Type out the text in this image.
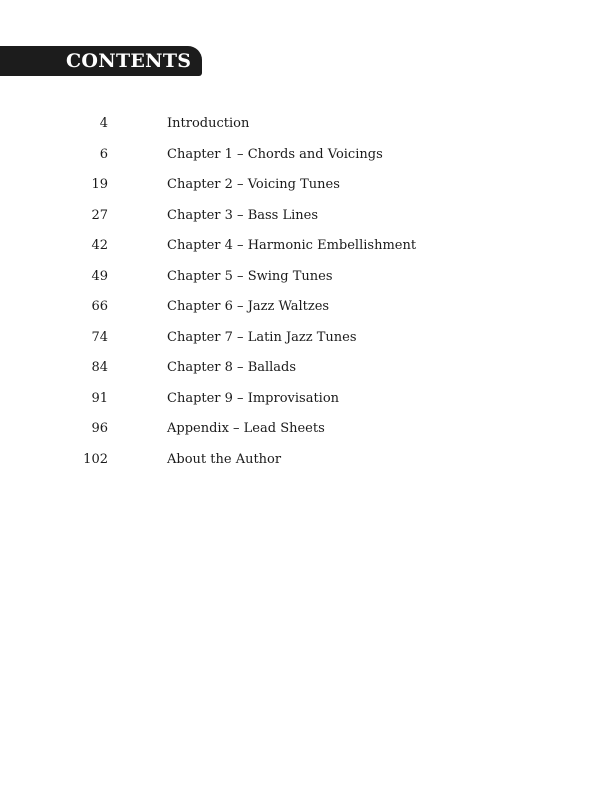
CONTENTS
4	Introduction
6	Chapter 1 – Chords and Voicings
19	Chapter 2 – Voicing Tunes
27	Chapter 3 – Bass Lines
42	Chapter 4 – Harmonic Embellishment
49	Chapter 5 – Swing Tunes
66	Chapter 6 – Jazz Waltzes
74	Chapter 7 – Latin Jazz Tunes
84	Chapter 8 – Ballads
91	Chapter 9 – Improvisation
96	Appendix – Lead Sheets
102	About the Author
